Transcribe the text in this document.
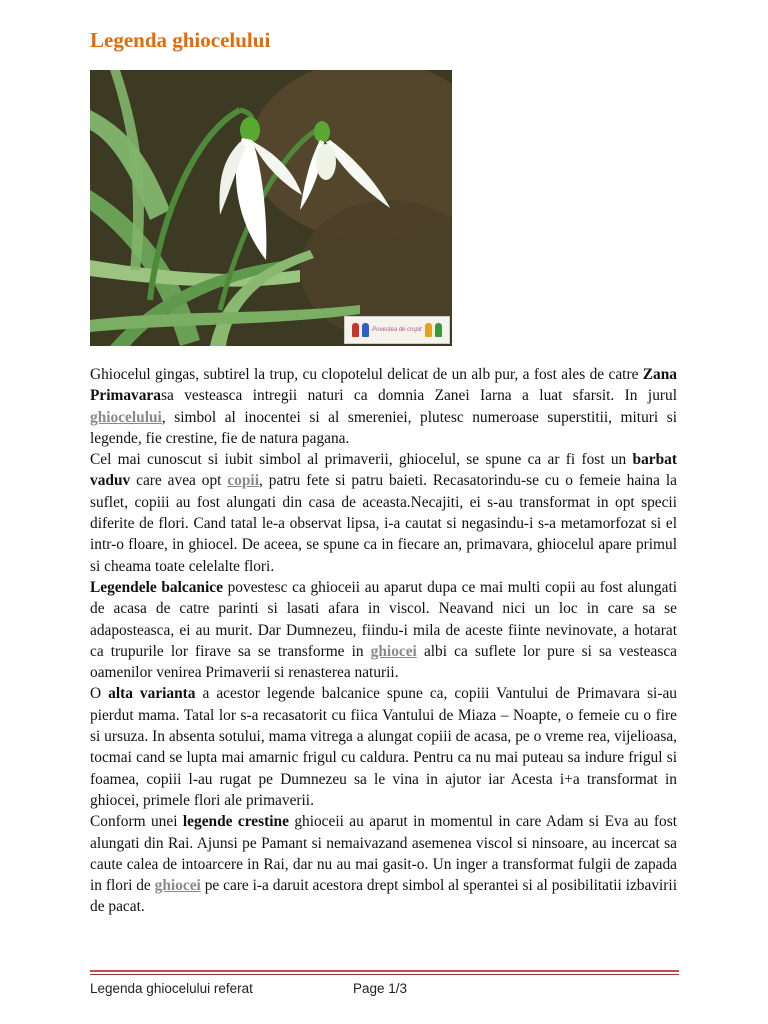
Legenda ghiocelului
Povestea de crupit

Ghiocelul gingas, subtirel la trup, cu clopotelul delicat de un alb pur, a fost ales de catre Zana Primavarasa vesteasca intregii naturi ca domnia Zanei Iarna a luat sfarsit. In jurul ghiocelului, simbol al inocentei si al smereniei, plutesc numeroase superstitii, mituri si legende, fie crestine, fie de natura pagana.

Cel mai cunoscut si iubit simbol al primaverii, ghiocelul, se spune ca ar fi fost un barbat vaduv care avea opt copii, patru fete si patru baieti. Recasatorindu-se cu o femeie haina la suflet, copiii au fost alungati din casa de aceasta.Necajiti, ei s-au transformat in opt specii diferite de flori. Cand tatal le-a observat lipsa, i-a cautat si negasindu-i s-a metamorfozat si el intr-o floare, in ghiocel. De aceea, se spune ca in fiecare an, primavara, ghiocelul apare primul si cheama toate celelalte flori.

Legendele balcanice povestesc ca ghioceii au aparut dupa ce mai multi copii au fost alungati de acasa de catre parinti si lasati afara in viscol. Neavand nici un loc in care sa se adaposteasca, ei au murit. Dar Dumnezeu, fiindu-i mila de aceste fiinte nevinovate, a hotarat ca trupurile lor firave sa se transforme in ghiocei albi ca suflete lor pure si sa vesteasca oamenilor venirea Primaverii si renasterea naturii.

O alta varianta a acestor legende balcanice spune ca, copiii Vantului de Primavara si-au pierdut mama. Tatal lor s-a recasatorit cu fiica Vantului de Miaza – Noapte, o femeie cu o fire si ursuza. In absenta sotului, mama vitrega a alungat copiii de acasa, pe o vreme rea, vijelioasa, tocmai cand se lupta mai amarnic frigul cu caldura. Pentru ca nu mai puteau sa indure frigul si foamea, copiii l-au rugat pe Dumnezeu sa le vina in ajutor iar Acesta i+a transformat in ghiocei, primele flori ale primaverii.

Conform unei legende crestine ghioceii au aparut in momentul in care Adam si Eva au fost alungati din Rai. Ajunsi pe Pamant si nemaivazand asemenea viscol si ninsoare, au incercat sa caute calea de intoarcere in Rai, dar nu au mai gasit-o. Un inger a transformat fulgii de zapada in flori de ghiocei pe care i-a daruit acestora drept simbol al sperantei si al posibilitatii izbavirii de pacat.

Legenda ghiocelului referat	Page 1/3
